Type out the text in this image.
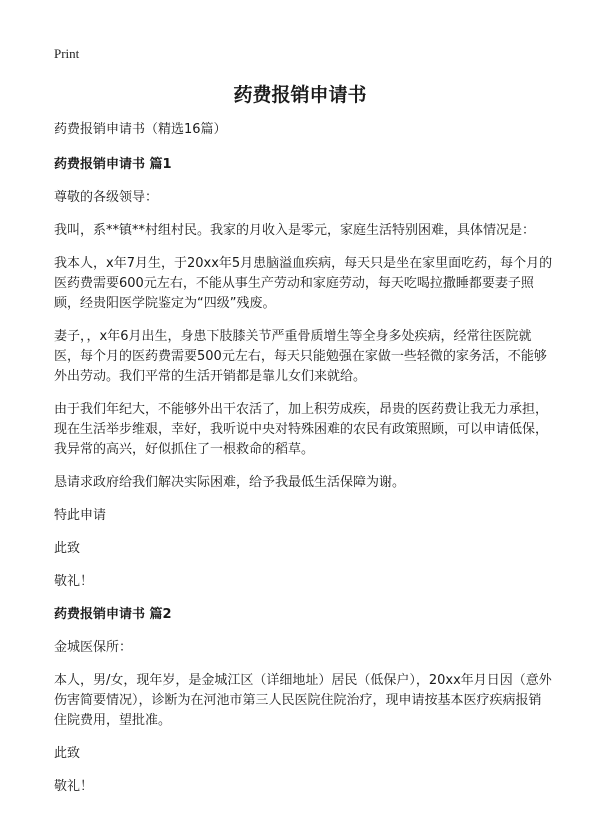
Print
药费报销申请书

药费报销申请书（精选16篇）

药费报销申请书 篇1

尊敬的各级领导：

我叫，系**镇**村组村民。我家的月收入是零元，家庭生活特别困难，具体情况是：

我本人，x年7月生，于20xx年5月患脑溢血疾病，每天只是坐在家里面吃药，每个月的医药费需要600元左右，不能从事生产劳动和家庭劳动，每天吃喝拉撒睡都要妻子照顾，经贵阳医学院鉴定为“四级”残废。

妻子，，x年6月出生，身患下肢膝关节严重骨质增生等全身多处疾病，经常往医院就医，每个月的医药费需要500元左右，每天只能勉强在家做一些轻微的家务活，不能够外出劳动。我们平常的生活开销都是靠儿女们来就给。

由于我们年纪大，不能够外出干农活了，加上积劳成疾，昂贵的医药费让我无力承担，现在生活举步维艰，幸好，我听说中央对特殊困难的农民有政策照顾，可以申请低保，我异常的高兴，好似抓住了一根救命的稻草。

恳请求政府给我们解决实际困难，给予我最低生活保障为谢。

特此申请

此致

敬礼！

药费报销申请书 篇2

金城医保所：

本人，男/女，现年岁，是金城江区（详细地址）居民（低保户），20xx年月日因（意外伤害简要情况），诊断为在河池市第三人民医院住院治疗，现申请按基本医疗疾病报销住院费用，望批准。

此致

敬礼！
